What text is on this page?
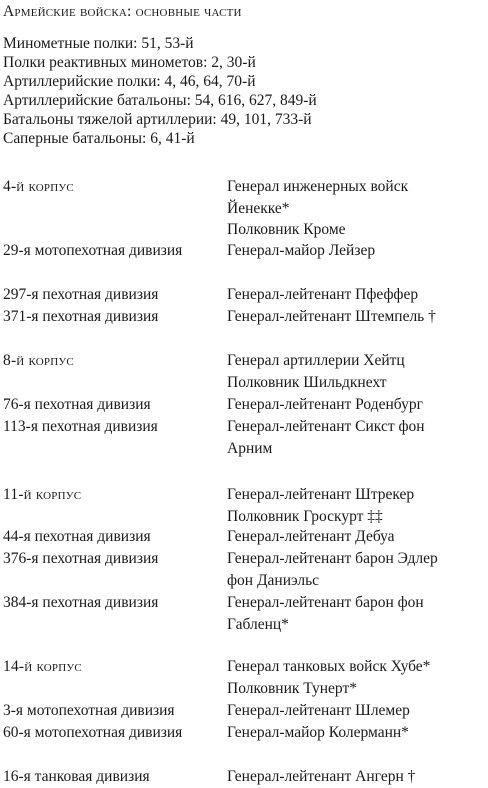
Армейские войска: основные части
Минометные полки: 51, 53-й
Полки реактивных минометов: 2, 30-й
Артиллерийские полки: 4, 46, 64, 70-й
Артиллерийские батальоны: 54, 616, 627, 849-й
Батальоны тяжелой артиллерии: 49, 101, 733-й
Саперные батальоны: 6, 41-й
4-й корпус	Генерал инженерных войск
Йенекке*
Полковник Кроме
29-я мотопехотная дивизия	Генерал-майор Лейзер
297-я пехотная дивизия	Генерал-лейтенант Пфеффер
371-я пехотная дивизия	Генерал-лейтенант Штемпель †
8-й корпус	Генерал артиллерии Хейтц
Полковник Шильдкнехт
76-я пехотная дивизия	Генерал-лейтенант Роденбург
113-я пехотная дивизия	Генерал-лейтенант Сикст фон
Арним
11-й корпус	Генерал-лейтенант Штрекер
Полковник Гроскурт ‡‡
44-я пехотная дивизия	Генерал-лейтенант Дебуа
376-я пехотная дивизия	Генерал-лейтенант барон Эдлер
фон Даниэльс
384-я пехотная дивизия	Генерал-лейтенант барон фон
Габленц*
14-й корпус	Генерал танковых войск Хубе*
Полковник Тунерт*
3-я мотопехотная дивизия	Генерал-лейтенант Шлемер
60-я мотопехотная дивизия	Генерал-майор Колерманн*
16-я танковая дивизия	Генерал-лейтенант Ангерн †
